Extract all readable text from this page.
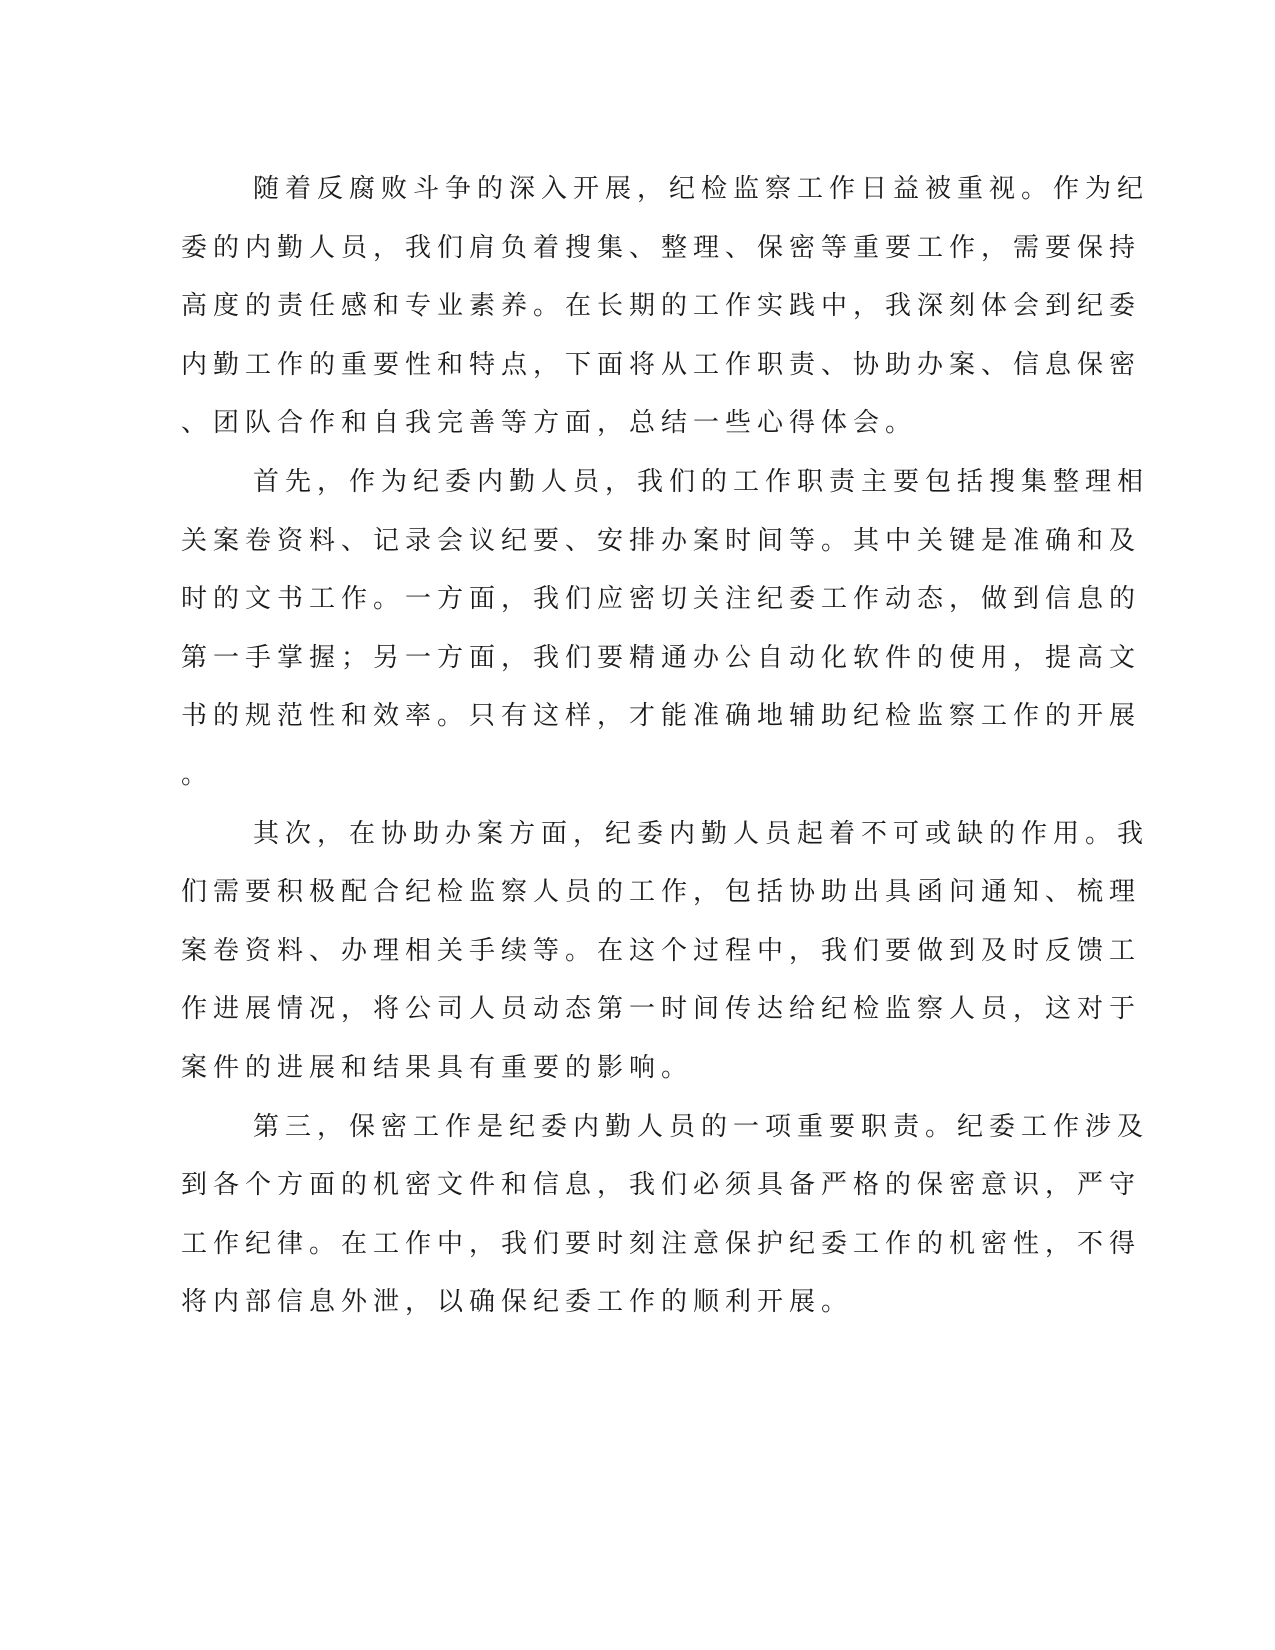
随着反腐败斗争的深入开展，纪检监察工作日益被重视。作为纪
委的内勤人员，我们肩负着搜集、整理、保密等重要工作，需要保持
高度的责任感和专业素养。在长期的工作实践中，我深刻体会到纪委
内勤工作的重要性和特点，下面将从工作职责、协助办案、信息保密
、团队合作和自我完善等方面，总结一些心得体会。
首先，作为纪委内勤人员，我们的工作职责主要包括搜集整理相
关案卷资料、记录会议纪要、安排办案时间等。其中关键是准确和及
时的文书工作。一方面，我们应密切关注纪委工作动态，做到信息的
第一手掌握；另一方面，我们要精通办公自动化软件的使用，提高文
书的规范性和效率。只有这样，才能准确地辅助纪检监察工作的开展
。
其次，在协助办案方面，纪委内勤人员起着不可或缺的作用。我
们需要积极配合纪检监察人员的工作，包括协助出具函问通知、梳理
案卷资料、办理相关手续等。在这个过程中，我们要做到及时反馈工
作进展情况，将公司人员动态第一时间传达给纪检监察人员，这对于
案件的进展和结果具有重要的影响。
第三，保密工作是纪委内勤人员的一项重要职责。纪委工作涉及
到各个方面的机密文件和信息，我们必须具备严格的保密意识，严守
工作纪律。在工作中，我们要时刻注意保护纪委工作的机密性，不得
将内部信息外泄，以确保纪委工作的顺利开展。
